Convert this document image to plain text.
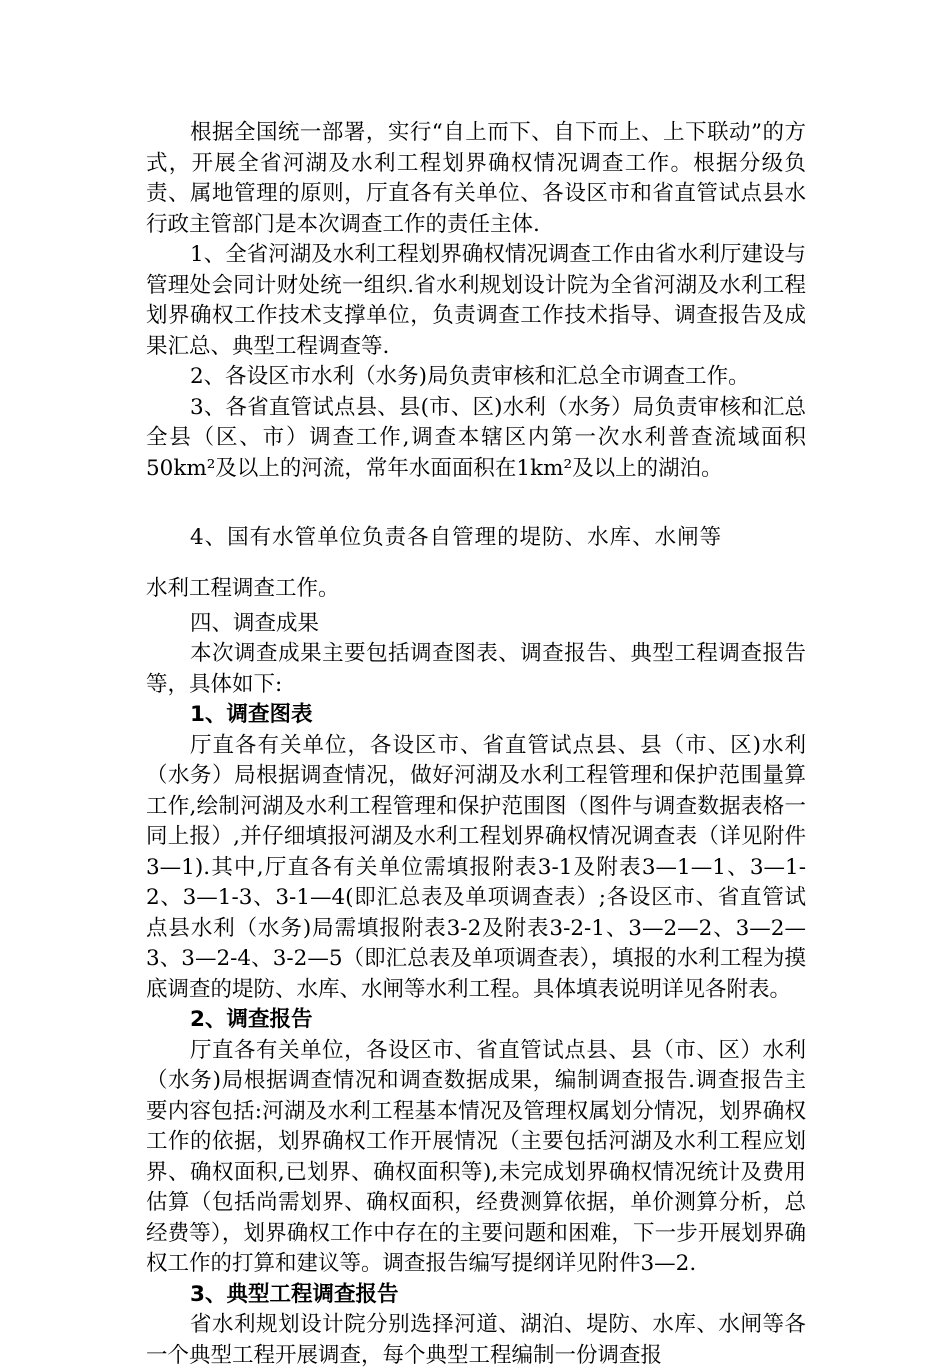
根据全国统一部署，实行“自上而下、自下而上、上下联动”的方式，开展全省河湖及水利工程划界确权情况调查工作。根据分级负责、属地管理的原则，厅直各有关单位、各设区市和省直管试点县水行政主管部门是本次调查工作的责任主体.

1、全省河湖及水利工程划界确权情况调查工作由省水利厅建设与管理处会同计财处统一组织.省水利规划设计院为全省河湖及水利工程划界确权工作技术支撑单位，负责调查工作技术指导、调查报告及成果汇总、典型工程调查等.

2、各设区市水利（水务)局负责审核和汇总全市调查工作。

3、各省直管试点县、县(市、区)水利（水务）局负责审核和汇总全县（区、市）调查工作,调查本辖区内第一次水利普查流域面积50km²及以上的河流，常年水面面积在1km²及以上的湖泊。

4、国有水管单位负责各自管理的堤防、水库、水闸等

水利工程调查工作。

四、调查成果

本次调查成果主要包括调查图表、调查报告、典型工程调查报告等，具体如下:

1、调查图表

厅直各有关单位，各设区市、省直管试点县、县（市、区)水利（水务）局根据调查情况，做好河湖及水利工程管理和保护范围量算工作,绘制河湖及水利工程管理和保护范围图（图件与调查数据表格一同上报）,并仔细填报河湖及水利工程划界确权情况调查表（详见附件3—1).其中,厅直各有关单位需填报附表3-1及附表3—1—1、3—1-2、3—1-3、3-1—4(即汇总表及单项调查表）;各设区市、省直管试点县水利（水务)局需填报附表3-2及附表3-2-1、3—2—2、3—2—3、3—2-4、3-2—5（即汇总表及单项调查表），填报的水利工程为摸底调查的堤防、水库、水闸等水利工程。具体填表说明详见各附表。

2、调查报告

厅直各有关单位，各设区市、省直管试点县、县（市、区）水利（水务)局根据调查情况和调查数据成果，编制调查报告.调查报告主要内容包括:河湖及水利工程基本情况及管理权属划分情况，划界确权工作的依据，划界确权工作开展情况（主要包括河湖及水利工程应划界、确权面积,已划界、确权面积等),未完成划界确权情况统计及费用估算（包括尚需划界、确权面积，经费测算依据，单价测算分析，总经费等），划界确权工作中存在的主要问题和困难，下一步开展划界确权工作的打算和建议等。调查报告编写提纲详见附件3—2.

3、典型工程调查报告

省水利规划设计院分别选择河道、湖泊、堤防、水库、水闸等各一个典型工程开展调查，每个典型工程编制一份调查报
